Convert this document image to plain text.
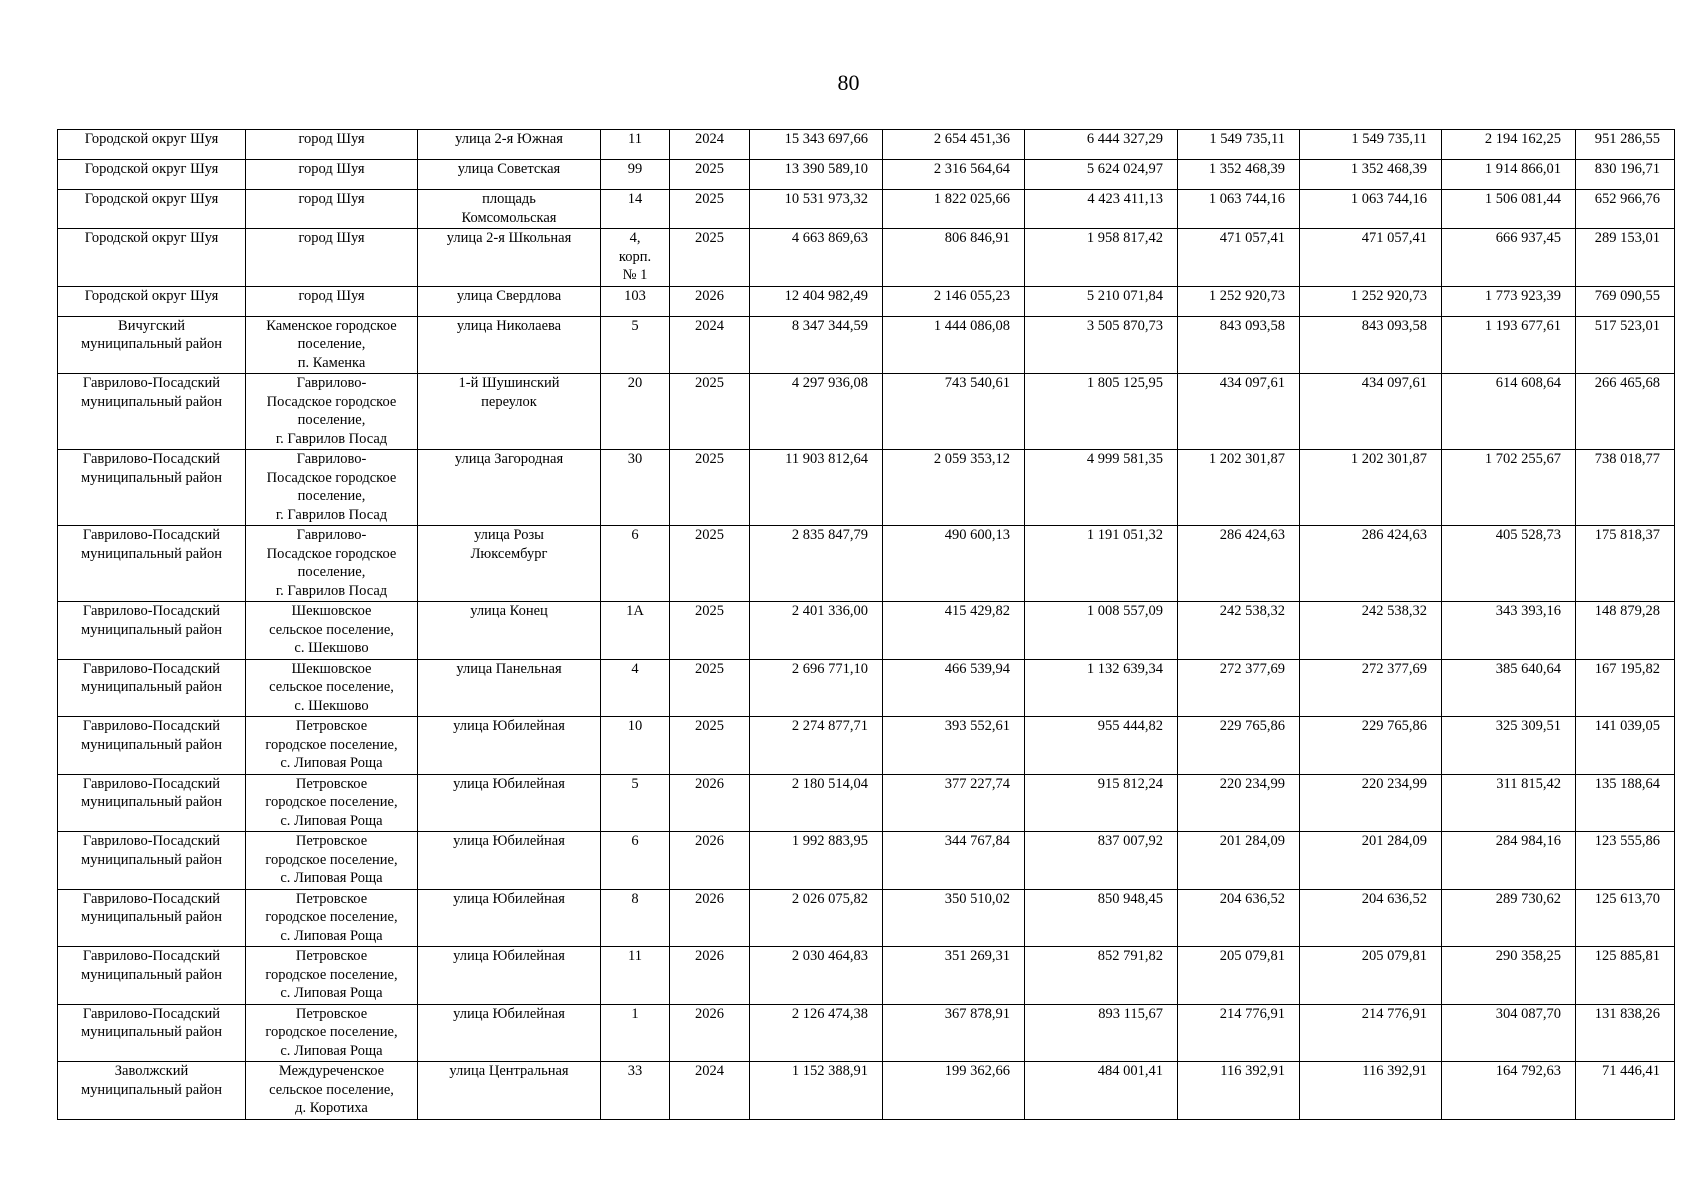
80
Городской округ Шуя	город Шуя	улица 2-я Южная	11	2024	15 343 697,66	2 654 451,36	6 444 327,29	1 549 735,11	1 549 735,11	2 194 162,25	951 286,55
Городской округ Шуя	город Шуя	улица Советская	99	2025	13 390 589,10	2 316 564,64	5 624 024,97	1 352 468,39	1 352 468,39	1 914 866,01	830 196,71
Городской округ Шуя	город Шуя	площадь
Комсомольская	14	2025	10 531 973,32	1 822 025,66	4 423 411,13	1 063 744,16	1 063 744,16	1 506 081,44	652 966,76
Городской округ Шуя	город Шуя	улица 2-я Школьная	4,
корп.
№ 1	2025	4 663 869,63	806 846,91	1 958 817,42	471 057,41	471 057,41	666 937,45	289 153,01
Городской округ Шуя	город Шуя	улица Свердлова	103	2026	12 404 982,49	2 146 055,23	5 210 071,84	1 252 920,73	1 252 920,73	1 773 923,39	769 090,55
Вичугский
муниципальный район	Каменское городское
поселение,
п. Каменка	улица Николаева	5	2024	8 347 344,59	1 444 086,08	3 505 870,73	843 093,58	843 093,58	1 193 677,61	517 523,01
Гаврилово-Посадский
муниципальный район	Гаврилово-
Посадское городское
поселение,
г. Гаврилов Посад	1-й Шушинский
переулок	20	2025	4 297 936,08	743 540,61	1 805 125,95	434 097,61	434 097,61	614 608,64	266 465,68
Гаврилово-Посадский
муниципальный район	Гаврилово-
Посадское городское
поселение,
г. Гаврилов Посад	улица Загородная	30	2025	11 903 812,64	2 059 353,12	4 999 581,35	1 202 301,87	1 202 301,87	1 702 255,67	738 018,77
Гаврилово-Посадский
муниципальный район	Гаврилово-
Посадское городское
поселение,
г. Гаврилов Посад	улица Розы
Люксембург	6	2025	2 835 847,79	490 600,13	1 191 051,32	286 424,63	286 424,63	405 528,73	175 818,37
Гаврилово-Посадский
муниципальный район	Шекшовское
сельское поселение,
с. Шекшово	улица Конец	1А	2025	2 401 336,00	415 429,82	1 008 557,09	242 538,32	242 538,32	343 393,16	148 879,28
Гаврилово-Посадский
муниципальный район	Шекшовское
сельское поселение,
с. Шекшово	улица Панельная	4	2025	2 696 771,10	466 539,94	1 132 639,34	272 377,69	272 377,69	385 640,64	167 195,82
Гаврилово-Посадский
муниципальный район	Петровское
городское поселение,
с. Липовая Роща	улица Юбилейная	10	2025	2 274 877,71	393 552,61	955 444,82	229 765,86	229 765,86	325 309,51	141 039,05
Гаврилово-Посадский
муниципальный район	Петровское
городское поселение,
с. Липовая Роща	улица Юбилейная	5	2026	2 180 514,04	377 227,74	915 812,24	220 234,99	220 234,99	311 815,42	135 188,64
Гаврилово-Посадский
муниципальный район	Петровское
городское поселение,
с. Липовая Роща	улица Юбилейная	6	2026	1 992 883,95	344 767,84	837 007,92	201 284,09	201 284,09	284 984,16	123 555,86
Гаврилово-Посадский
муниципальный район	Петровское
городское поселение,
с. Липовая Роща	улица Юбилейная	8	2026	2 026 075,82	350 510,02	850 948,45	204 636,52	204 636,52	289 730,62	125 613,70
Гаврилово-Посадский
муниципальный район	Петровское
городское поселение,
с. Липовая Роща	улица Юбилейная	11	2026	2 030 464,83	351 269,31	852 791,82	205 079,81	205 079,81	290 358,25	125 885,81
Гаврилово-Посадский
муниципальный район	Петровское
городское поселение,
с. Липовая Роща	улица Юбилейная	1	2026	2 126 474,38	367 878,91	893 115,67	214 776,91	214 776,91	304 087,70	131 838,26
Заволжский
муниципальный район	Междуреченское
сельское поселение,
д. Коротиха	улица Центральная	33	2024	1 152 388,91	199 362,66	484 001,41	116 392,91	116 392,91	164 792,63	71 446,41
